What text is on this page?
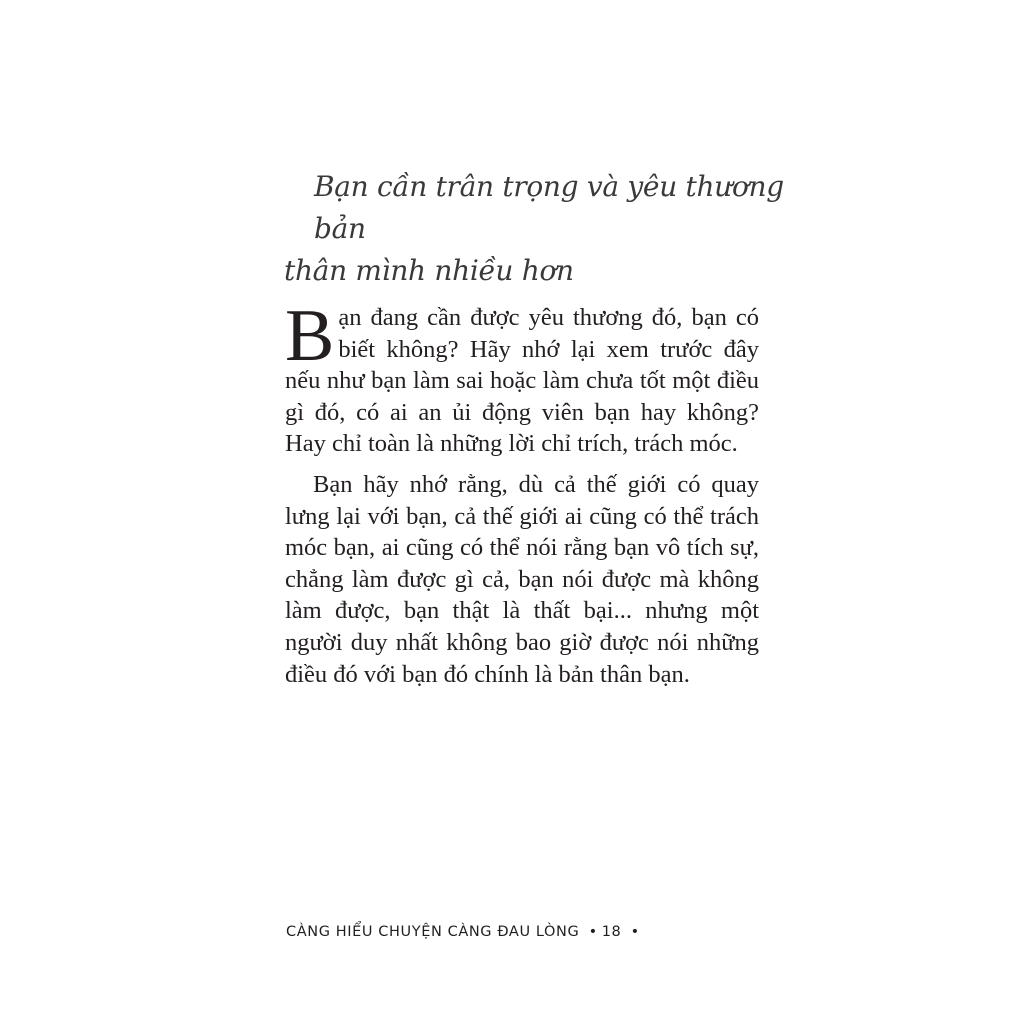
Bạn cần trân trọng và yêu thương bản
thân mình nhiều hơn

Bạn đang cần được yêu thương đó, bạn có biết không? Hãy nhớ lại xem trước đây nếu như bạn làm sai hoặc làm chưa tốt một điều gì đó, có ai an ủi động viên bạn hay không? Hay chỉ toàn là những lời chỉ trích, trách móc.

Bạn hãy nhớ rằng, dù cả thế giới có quay lưng lại với bạn, cả thế giới ai cũng có thể trách móc bạn, ai cũng có thể nói rằng bạn vô tích sự, chẳng làm được gì cả, bạn nói được mà không làm được, bạn thật là thất bại... nhưng một người duy nhất không bao giờ được nói những điều đó với bạn đó chính là bản thân bạn.

CÀNG HIỂU CHUYỆN CÀNG ĐAU LÒNG • 18 •
